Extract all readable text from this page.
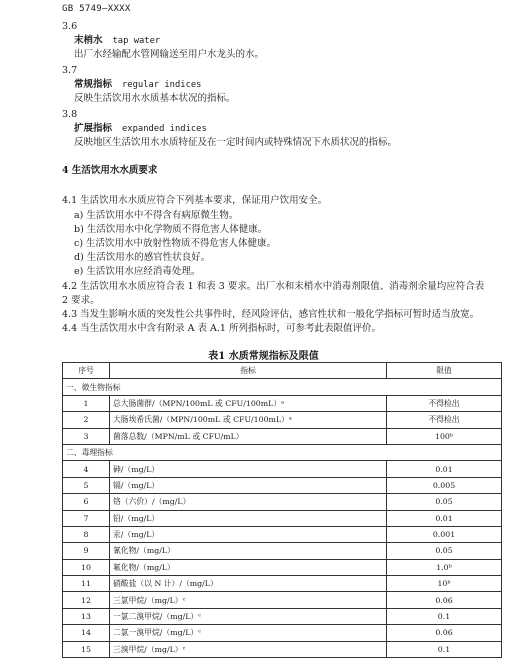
GB 5749—XXXX
3.6
末梢水 tap water
出厂水经输配水管网输送至用户水龙头的水。
3.7
常规指标 regular indices
反映生活饮用水水质基本状况的指标。
3.8
扩展指标 expanded indices
反映地区生活饮用水水质特征及在一定时间内或特殊情况下水质状况的指标。
4 生活饮用水水质要求
4.1 生活饮用水水质应符合下列基本要求，保证用户饮用安全。
a) 生活饮用水中不得含有病原微生物。
b) 生活饮用水中化学物质不得危害人体健康。
c) 生活饮用水中放射性物质不得危害人体健康。
d) 生活饮用水的感官性状良好。
e) 生活饮用水应经消毒处理。
4.2 生活饮用水水质应符合表 1 和表 3 要求。出厂水和末梢水中消毒剂限值、消毒剂余量均应符合表
2 要求。
4.3 当发生影响水质的突发性公共事件时，经风险评估，感官性状和一般化学指标可暂时适当放宽。
4.4 当生活饮用水中含有附录 A 表 A.1 所列指标时，可参考此表限值评价。
表1 水质常规指标及限值
序号	指标	限值
一、微生物指标		
1	总大肠菌群/（MPN/100mL 或 CFU/100mL）ᵃ	不得检出
2	大肠埃希氏菌/（MPN/100mL 或 CFU/100mL）ᵃ	不得检出
3	菌落总数/（MPN/mL 或 CFU/mL）	100ᵇ
二、毒理指标		
4	砷/（mg/L）	0.01
5	镉/（mg/L）	0.005
6	铬（六价）/（mg/L）	0.05
7	铅/（mg/L）	0.01
8	汞/（mg/L）	0.001
9	氰化物/（mg/L）	0.05
10	氟化物/（mg/L）	1.0ᵇ
11	硝酸盐（以 N 计）/（mg/L）	10ᵇ
12	三氯甲烷/（mg/L）ᶜ	0.06
13	一氯二溴甲烷/（mg/L）ᶜ	0.1
14	二氯一溴甲烷/（mg/L）ᶜ	0.06
15	三溴甲烷/（mg/L）ᶜ	0.1
